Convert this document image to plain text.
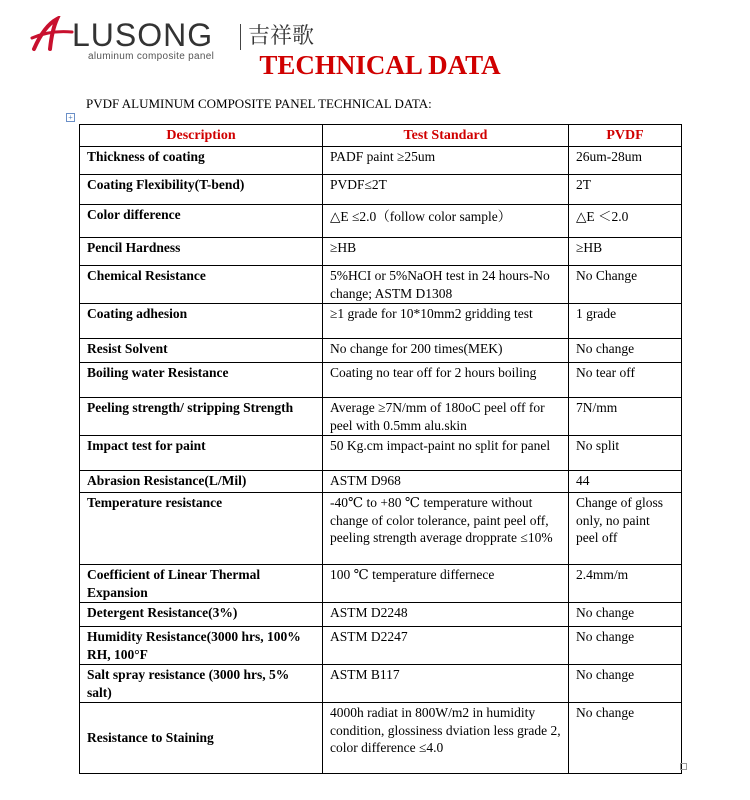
LUSONG 吉祥歌
aluminum composite panel	TECHNICAL DATA
PVDF ALUMINUM COMPOSITE PANEL TECHNICAL DATA:
+
Description	Test Standard	PVDF
Thickness of coating	PADF paint ≥25um	26um-28um
Coating Flexibility(T-bend)	PVDF≤2T	2T
Color difference	△E ≤2.0（follow color sample）	△E ＜2.0
Pencil Hardness	≥HB	≥HB
Chemical Resistance	5%HCI or 5%NaOH test in 24 hours-No change; ASTM D1308	No Change
Coating adhesion	≥1 grade for 10*10mm2 gridding test	1 grade
Resist Solvent	No change for 200 times(MEK)	No change
Boiling water Resistance	Coating no tear off for 2 hours boiling	No tear off
Peeling strength/ stripping Strength	Average ≥7N/mm of 180oC peel off for peel with 0.5mm alu.skin	7N/mm
Impact test for paint	50 Kg.cm impact-paint no split for panel	No split
Abrasion Resistance(L/Mil)	ASTM D968	44
Temperature resistance	-40℃ to +80 ℃ temperature without change of color tolerance, paint peel off, peeling strength average dropprate ≤10%	Change of gloss only, no paint peel off
Coefficient of Linear Thermal Expansion	100 ℃ temperature differnece	2.4mm/m
Detergent Resistance(3%)	ASTM D2248	No change
Humidity Resistance(3000 hrs, 100% RH, 100°F	ASTM D2247	No change
Salt spray resistance (3000 hrs, 5% salt)	ASTM B117	No change
Resistance to Staining	4000h radiat in 800W/m2 in humidity condition, glossiness dviation less grade 2, color difference ≤4.0	No change
